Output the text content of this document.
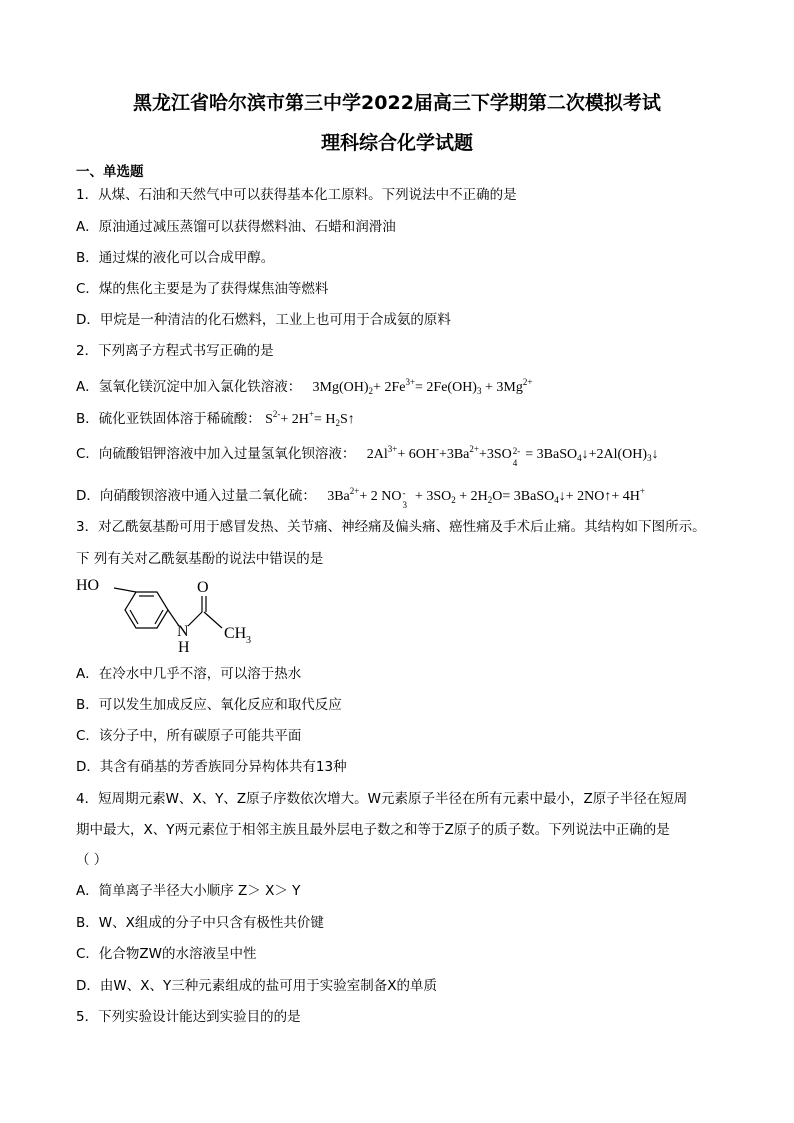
黑龙江省哈尔滨市第三中学2022届高三下学期第二次模拟考试
理科综合化学试题
一、单选题
1．从煤、石油和天然气中可以获得基本化工原料。下列说法中不正确的是
A．原油通过减压蒸馏可以获得燃料油、石蜡和润滑油
B．通过煤的液化可以合成甲醇。
C．煤的焦化主要是为了获得煤焦油等燃料
D．甲烷是一种清洁的化石燃料，工业上也可用于合成氨的原料
2．下列离子方程式书写正确的是
A．氢氧化镁沉淀中加入氯化铁溶液：   $3Mg(OH)_2+ 2Fe^{3+}= 2Fe(OH)_3 + 3Mg^{2+}$
B．硫化亚铁固体溶于稀硫酸： $S^{2-}+ 2H^+=$ $H_2S↑$
C．向硫酸铝钾溶液中加入过量氢氧化钡溶液：   $2Al^{3+}+ 6OH^-+3Ba^{2+}+3SO$ 2-
4
= $3BaSO_4↓+2Al(OH)_3↓$
D．向硝酸钡溶液中通入过量二氧化硫：   $3Ba^{2+}+ 2$ NO -
3
+ $3SO_2 + 2H_2O=$ 3BaSO$_4$↓+ 2NO↑+ 4H+
3．对乙酰氨基酚可用于感冒发热、关节痛、神经痛及偏头痛、癌性痛及手术后止痛。其结构如下图所示。
下 列有关对乙酰氨基酚的说法中错误的是
HO	O
N
H
CH 3
A．在冷水中几乎不溶，可以溶于热水
B．可以发生加成反应、氧化反应和取代反应
C．该分子中，所有碳原子可能共平面
D．其含有硝基的芳香族同分异构体共有13种
4．短周期元素W、X、Y、Z原子序数依次增大。W元素原子半径在所有元素中最小，Z原子半径在短周
期中最大，X、Y两元素位于相邻主族且最外层电子数之和等于Z原子的质子数。下列说法中正确的是
（ ）
A．简单离子半径大小顺序 Z＞ X＞ Y
B．W、X组成的分子中只含有极性共价键
C．化合物ZW的水溶液呈中性
D．由W、X、Y三种元素组成的盐可用于实验室制备X的单质
5．下列实验设计能达到实验目的的是
